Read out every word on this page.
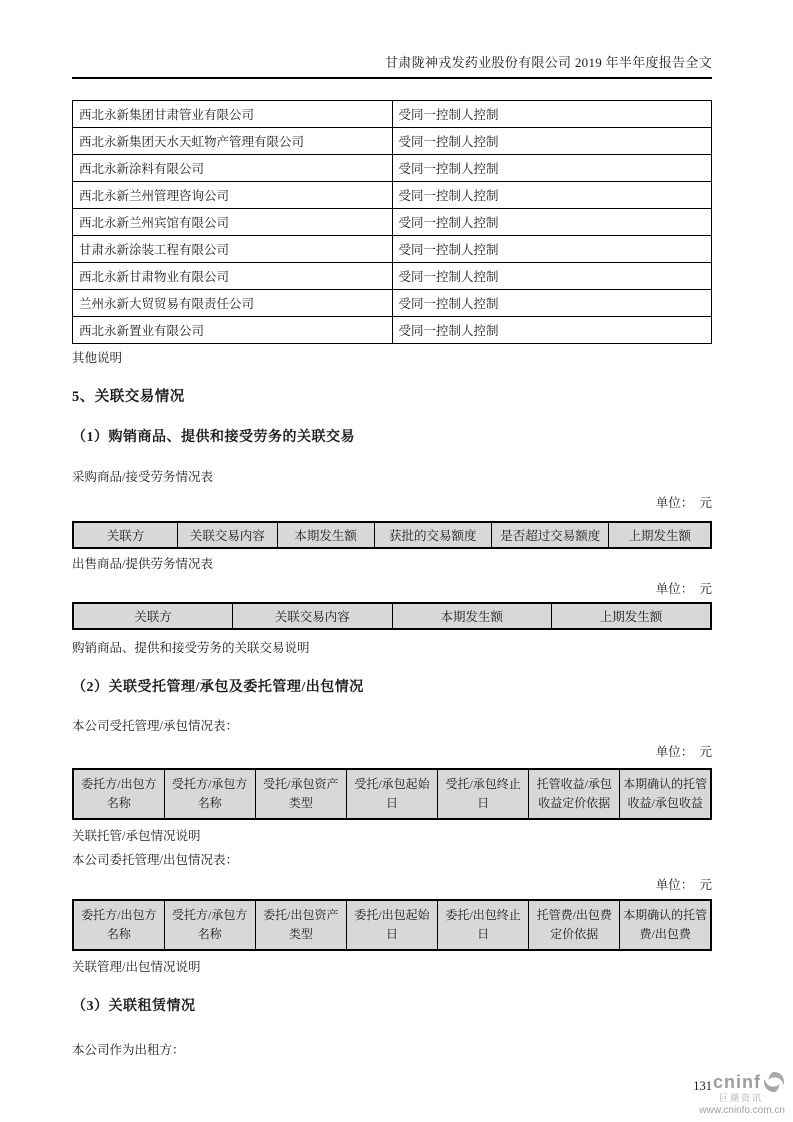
甘肃陇神戎发药业股份有限公司 2019 年半年度报告全文
西北永新集团甘肃管业有限公司	受同一控制人控制
西北永新集团天水天虹物产管理有限公司	受同一控制人控制
西北永新涂料有限公司	受同一控制人控制
西北永新兰州管理咨询公司	受同一控制人控制
西北永新兰州宾馆有限公司	受同一控制人控制
甘肃永新涂装工程有限公司	受同一控制人控制
西北永新甘肃物业有限公司	受同一控制人控制
兰州永新大贸贸易有限责任公司	受同一控制人控制
西北永新置业有限公司	受同一控制人控制

其他说明

5、关联交易情况
（1）购销商品、提供和接受劳务的关联交易

采购商品/接受劳务情况表

单位：　元

关联方	关联交易内容	本期发生额	获批的交易额度	是否超过交易额度	上期发生额

出售商品/提供劳务情况表

单位：　元

关联方	关联交易内容	本期发生额	上期发生额

购销商品、提供和接受劳务的关联交易说明

（2）关联受托管理/承包及委托管理/出包情况

本公司受托管理/承包情况表：

单位：　元

委托方/出包方名称	受托方/承包方名称	受托/承包资产类型	受托/承包起始日	受托/承包终止日	托管收益/承包收益定价依据	本期确认的托管收益/承包收益

关联托管/承包情况说明

本公司委托管理/出包情况表：

单位：　元

委托方/出包方名称	受托方/承包方名称	委托/出包资产类型	委托/出包起始日	委托/出包终止日	托管费/出包费定价依据	本期确认的托管费/出包费

关联管理/出包情况说明

（3）关联租赁情况

本公司作为出租方：

131 cninf
巨潮资讯
www.cninfo.com.cn
